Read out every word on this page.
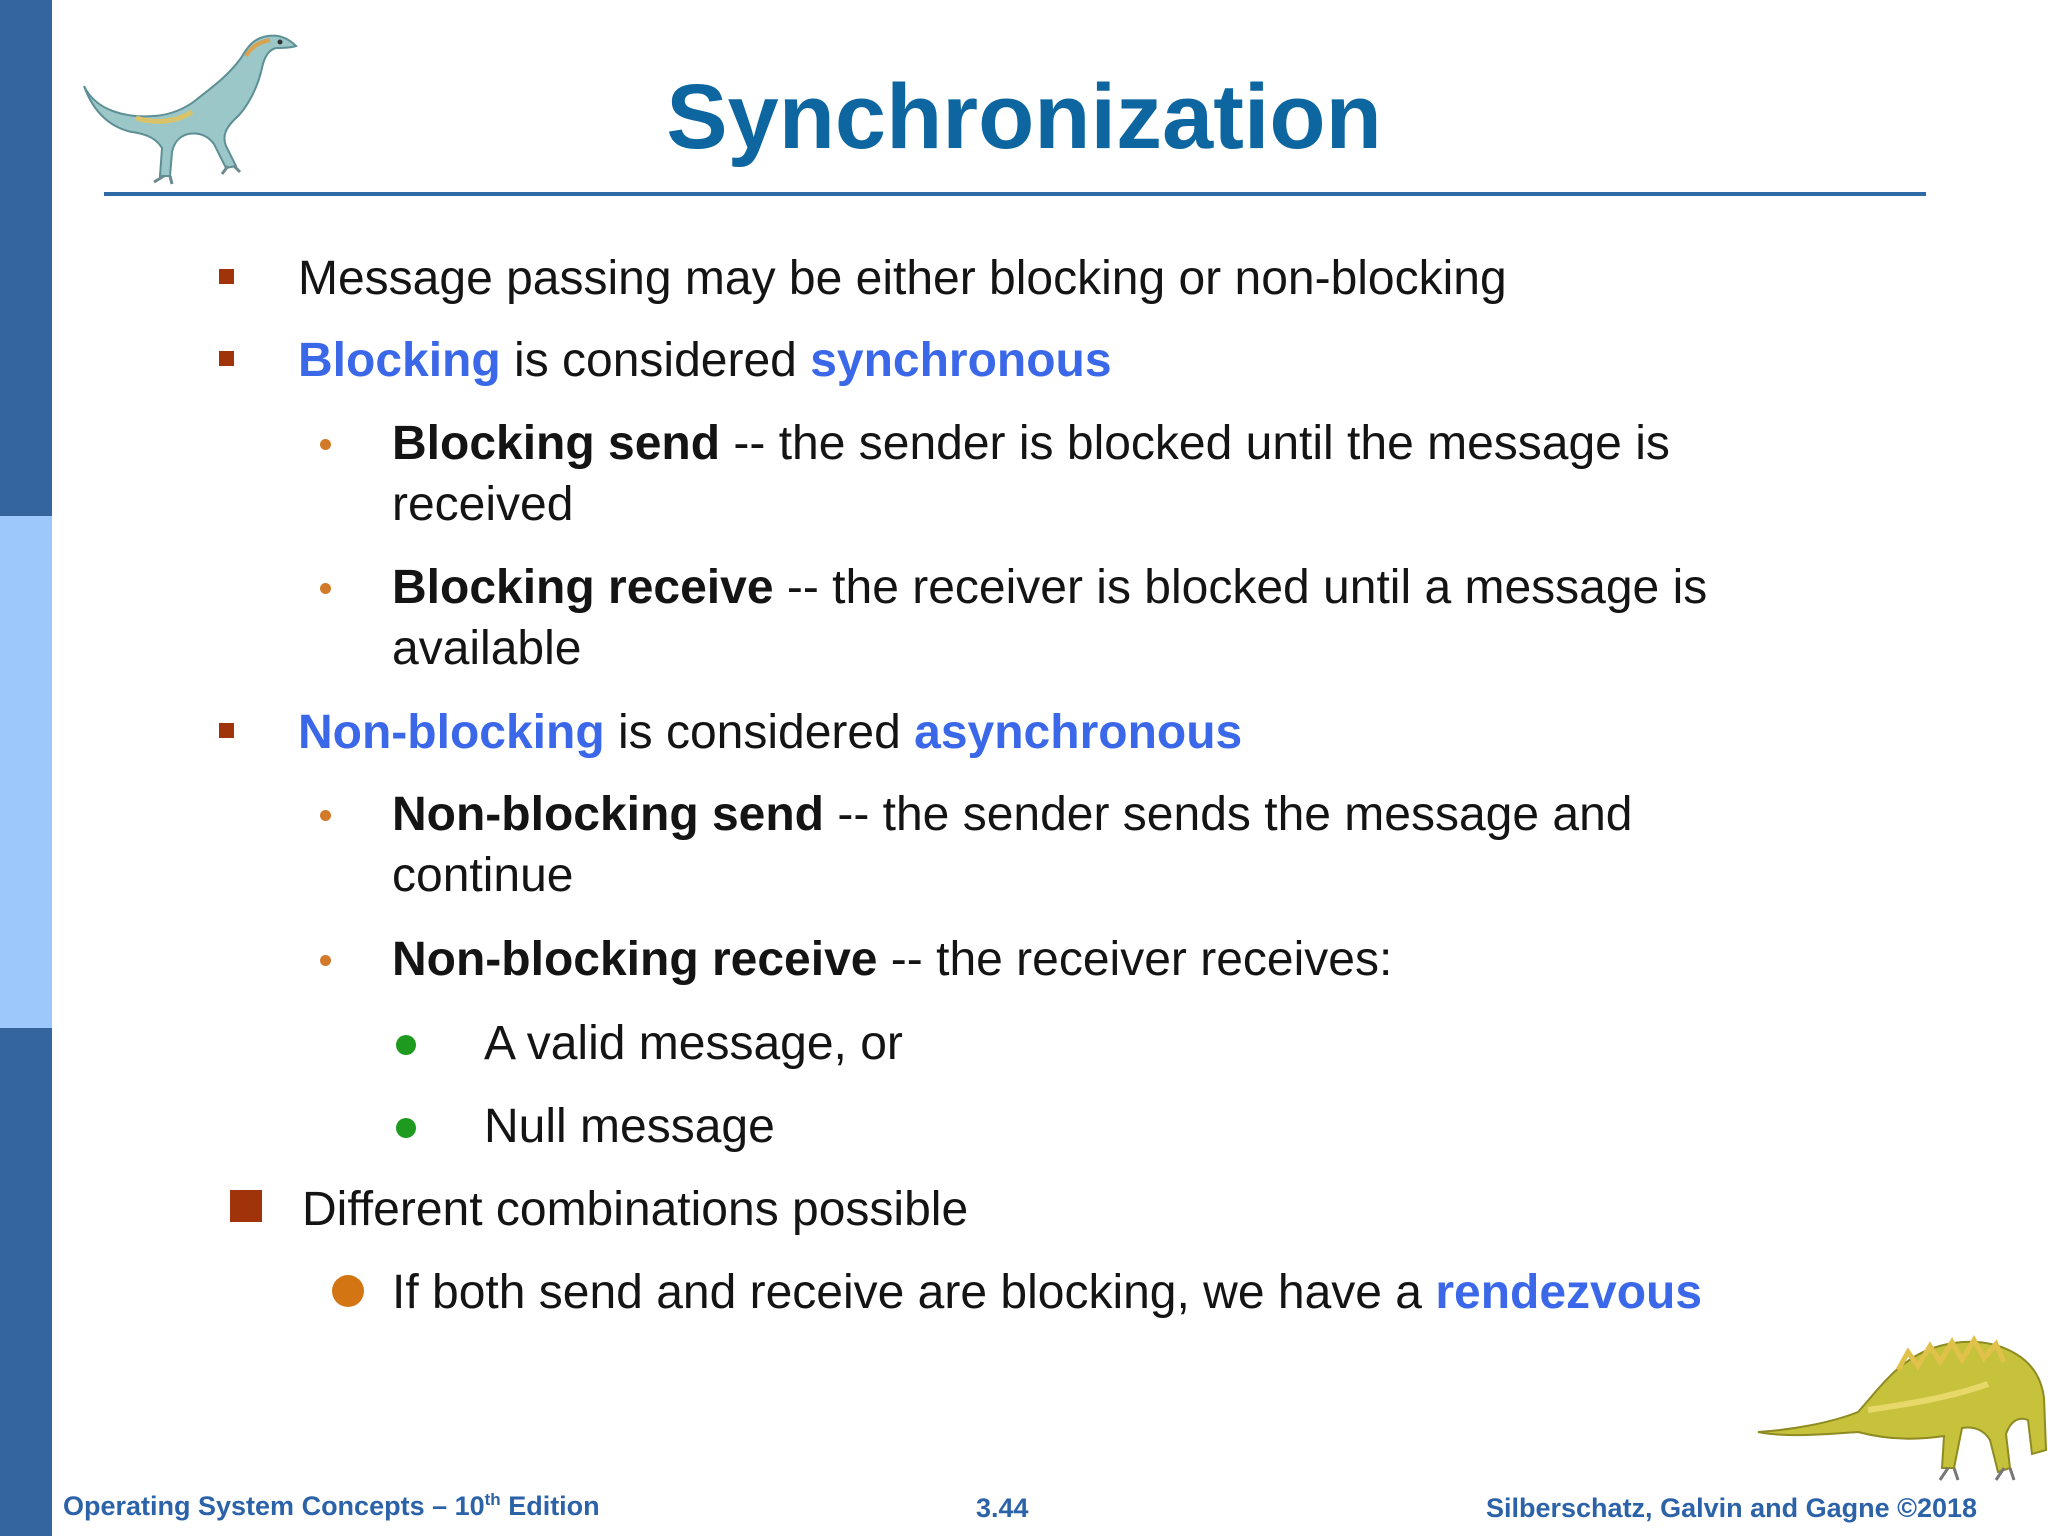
Synchronization
Message passing may be either blocking or non-blocking
Blocking is considered synchronous
Blocking send -- the sender is blocked until the message is
received
Blocking receive -- the receiver is blocked until a message is
available
Non-blocking is considered asynchronous
Non-blocking send -- the sender sends the message and
continue
Non-blocking receive -- the receiver receives:
A valid message, or
Null message
Different combinations possible
If both send and receive are blocking, we have a rendezvous
Operating System Concepts – 10th Edition	3.44	Silberschatz, Galvin and Gagne ©2018
